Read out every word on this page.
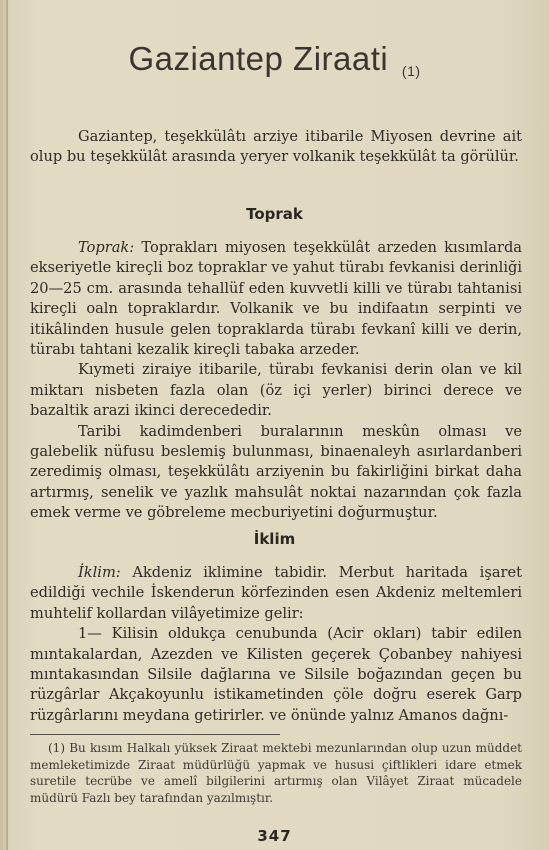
Gaziantep Ziraati (1)

Gaziantep, teşekkülâtı arziye itibarile Miyosen devrine ait olup bu teşekkülât arasında yeryer volkanik teşekkülât ta görülür.

Toprak

Toprak: Toprakları miyosen teşekkülât arzeden kısımlarda ekseriyetle kireçli boz topraklar ve yahut türabı fevkanisi derinliği 20—25 cm. arasında tehallüf eden kuvvetli killi ve türabı tahtanisi kireçli oaln topraklardır. Volkanik ve bu indifaatın serpinti ve itikâlinden husule gelen topraklarda türabı fevkanî killi ve derin, türabı tahtani kezalik kireçli tabaka arzeder.

Kıymeti ziraiye itibarile, türabı fevkanisi derin olan ve kil miktarı nisbeten fazla olan (öz içi yerler) birinci derece ve bazaltik arazi ikinci derecededir.

Taribi kadimdenberi buralarının meskûn olması ve galebelik nüfusu beslemiş bulunması, binaenaleyh asırlardanberi zeredimiş olması, teşekkülâtı arziyenin bu fakirliğini birkat daha artırmış, senelik ve yazlık mahsulât noktai nazarından çok fazla emek verme ve göbreleme mecburiyetini doğurmuştur.

İklim

İklim: Akdeniz iklimine tabidir. Merbut haritada işaret edildiği vechile İskenderun körfezinden esen Akdeniz meltemleri muhtelif kollardan vilâyetimize gelir:

1— Kilisin oldukça cenubunda (Acir okları) tabir edilen mıntakalardan, Azezden ve Kilisten geçerek Çobanbey nahiyesi mıntakasından Silsile dağlarına ve Silsile boğazından geçen bu rüzgârlar Akçakoyunlu istikametinden çöle doğru eserek Garp rüzgârlarını meydana getirirler. ve önünde yalnız Amanos dağnı-

(1) Bu kısım Halkalı yüksek Ziraat mektebi mezunlarından olup uzun müddet memleketimizde Ziraat müdürlüğü yapmak ve hususi çiftlikleri idare etmek suretile tecrübe ve amelî bilgilerini artırmış olan Vilâyet Ziraat mücadele müdürü Fazlı bey tarafından yazılmıştır.

347
